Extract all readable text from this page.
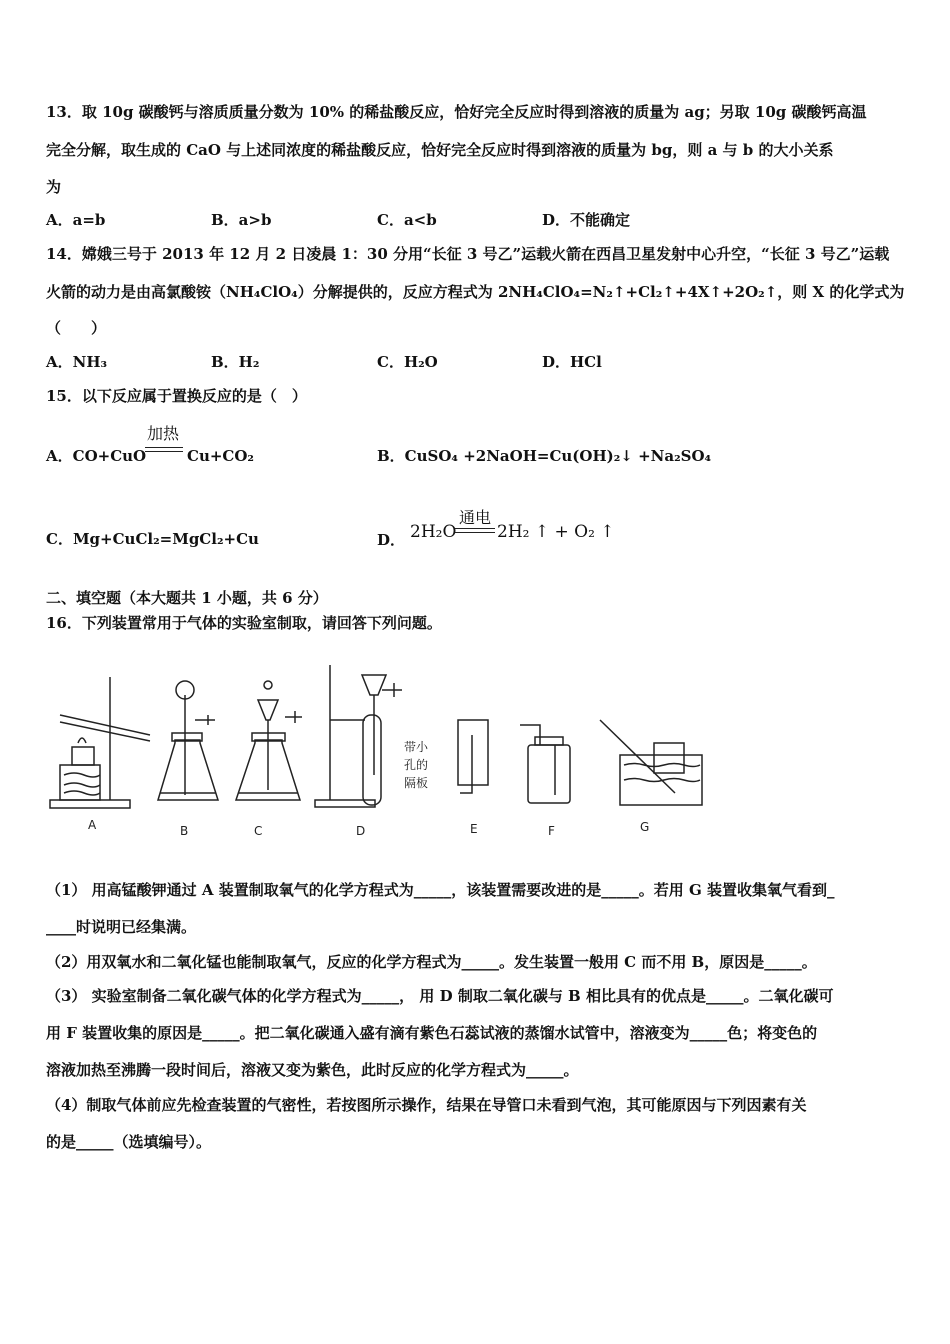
13．取 10g 碳酸钙与溶质质量分数为 10% 的稀盐酸反应，恰好完全反应时得到溶液的质量为 ag；另取 10g 碳酸钙高温
完全分解，取生成的 CaO 与上述同浓度的稀盐酸反应，恰好完全反应时得到溶液的质量为 bg，则 a 与 b 的大小关系
为
A．a=b	B．a>b	C．a<b	D．不能确定
14．嫦娥三号于 2013 年 12 月 2 日凌晨 1：30 分用“长征 3 号乙”运载火箭在西昌卫星发射中心升空，“长征 3 号乙”运载
火箭的动力是由高氯酸铵（NH₄ClO₄）分解提供的，反应方程式为 2NH₄ClO₄=N₂↑+Cl₂↑+4X↑+2O₂↑，则 X 的化学式为
（　　）
A．NH₃	B．H₂	C．H₂O	D．HCl
15．以下反应属于置换反应的是（　）
A．CO+CuO
加热
Cu+CO₂	B．CuSO₄ +2NaOH=Cu(OH)₂↓ +Na₂SO₄
C．Mg+CuCl₂=MgCl₂+Cu	D． 2H₂O
通电
2H₂ ↑ + O₂ ↑
二、填空题（本大题共 1 小题，共 6 分）
16．下列装置常用于气体的实验室制取，请回答下列问题。
A	B	C	D	E	F	G
带小
孔的
隔板
（1） 用高锰酸钾通过 A 装置制取氧气的化学方程式为_____，该装置需要改进的是_____。若用 G 装置收集氧气看到_
____时说明已经集满。
（2）用双氧水和二氧化锰也能制取氧气，反应的化学方程式为_____。发生装置一般用 C 而不用 B，原因是_____。
（3） 实验室制备二氧化碳气体的化学方程式为_____， 用 D 制取二氧化碳与 B 相比具有的优点是_____。二氧化碳可
用 F 装置收集的原因是_____。把二氧化碳通入盛有滴有紫色石蕊试液的蒸馏水试管中，溶液变为_____色；将变色的
溶液加热至沸腾一段时间后，溶液又变为紫色，此时反应的化学方程式为_____。
（4）制取气体前应先检查装置的气密性，若按图所示操作，结果在导管口未看到气泡，其可能原因与下列因素有关
的是_____（选填编号）。
